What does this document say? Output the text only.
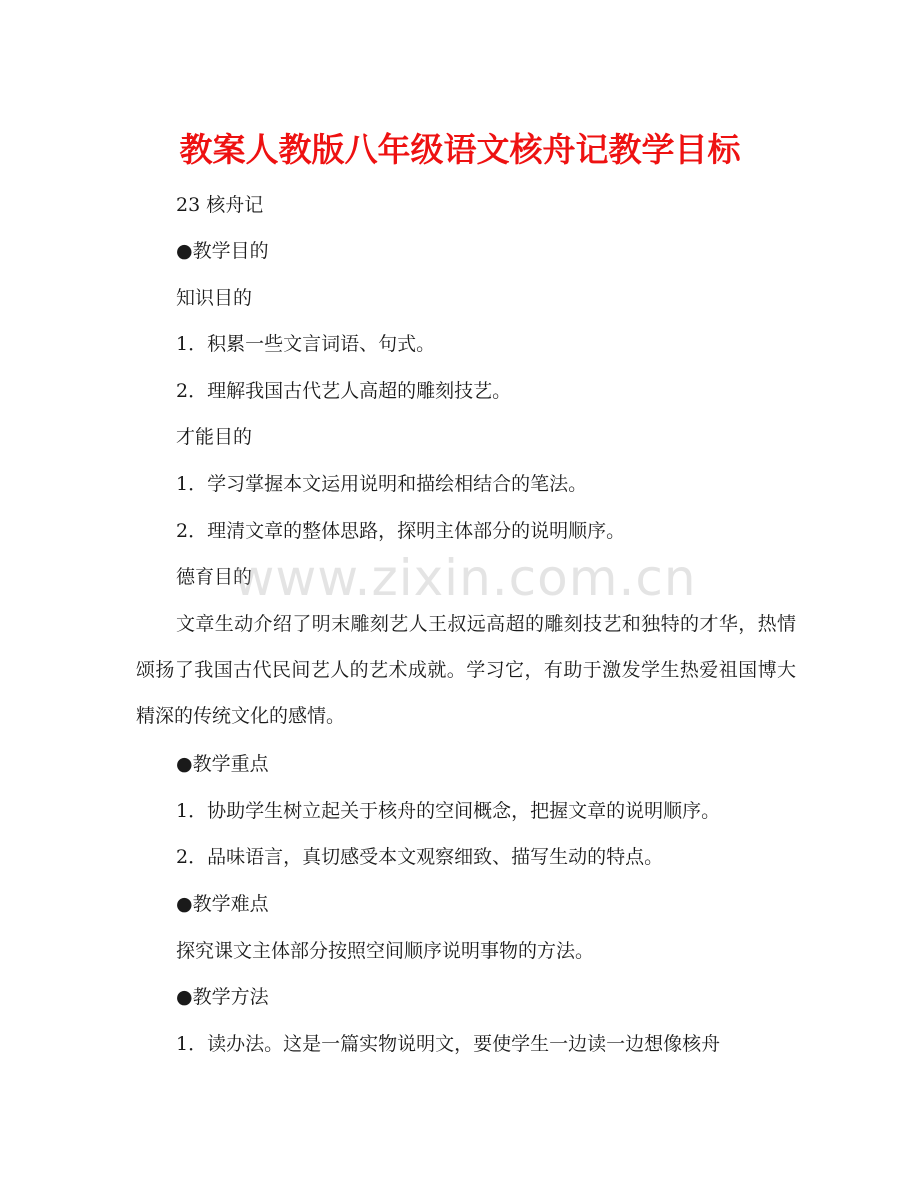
教案人教版八年级语文核舟记教学目标

23 核舟记

●教学目的

知识目的

1．积累一些文言词语、句式。

2．理解我国古代艺人高超的雕刻技艺。

才能目的

1．学习掌握本文运用说明和描绘相结合的笔法。

2．理清文章的整体思路，探明主体部分的说明顺序。

德育目的

文章生动介绍了明末雕刻艺人王叔远高超的雕刻技艺和独特的才华，热情颂扬了我国古代民间艺人的艺术成就。学习它，有助于激发学生热爱祖国博大精深的传统文化的感情。

●教学重点

1．协助学生树立起关于核舟的空间概念，把握文章的说明顺序。

2．品味语言，真切感受本文观察细致、描写生动的特点。

●教学难点

探究课文主体部分按照空间顺序说明事物的方法。

●教学方法

1．读办法。这是一篇实物说明文，要使学生一边读一边想像核舟

www.zixin.com.cn
